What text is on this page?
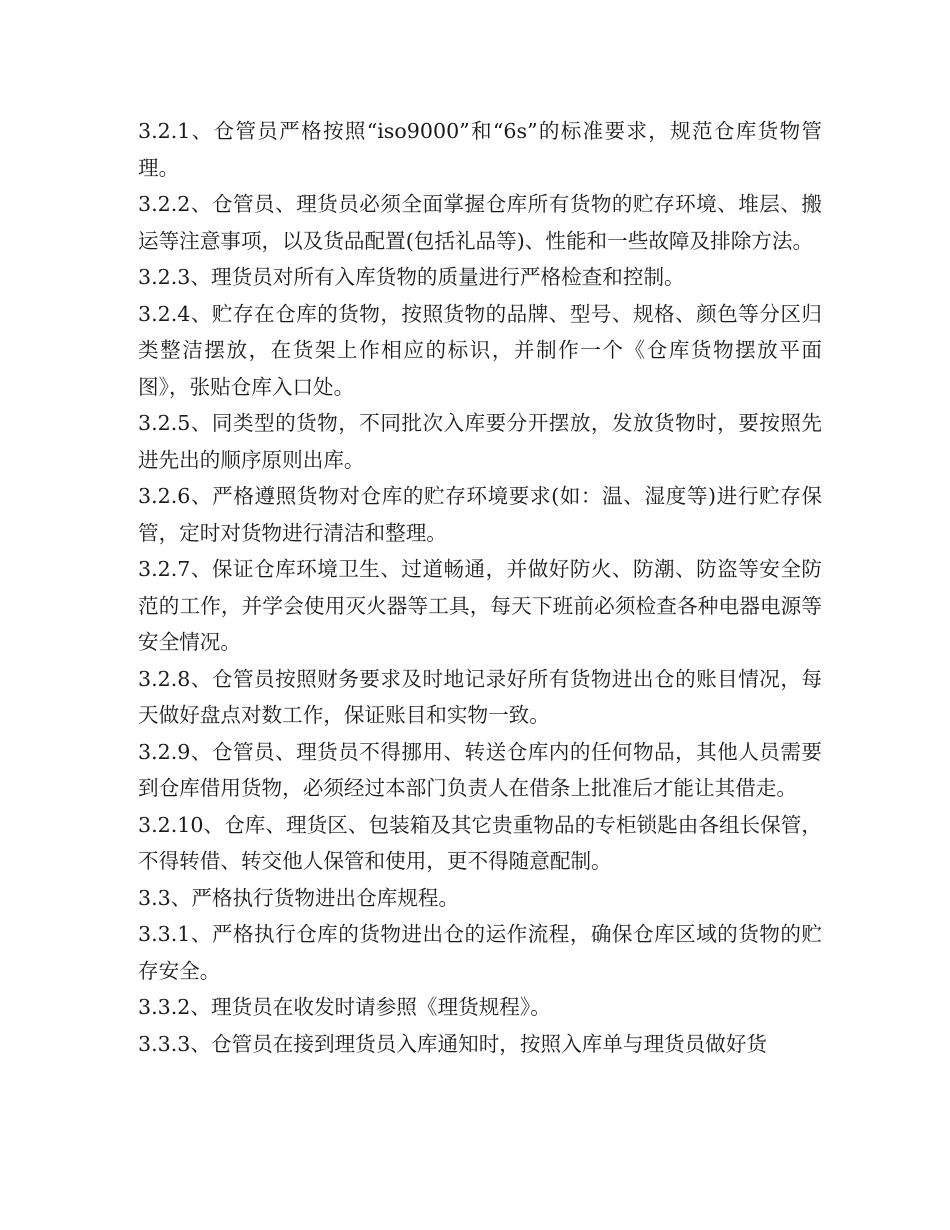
3.2.1、仓管员严格按照“iso9000”和“6s”的标准要求，规范仓库货物管理。

3.2.2、仓管员、理货员必须全面掌握仓库所有货物的贮存环境、堆层、搬运等注意事项，以及货品配置(包括礼品等)、性能和一些故障及排除方法。

3.2.3、理货员对所有入库货物的质量进行严格检查和控制。

3.2.4、贮存在仓库的货物，按照货物的品牌、型号、规格、颜色等分区归类整洁摆放，在货架上作相应的标识，并制作一个《仓库货物摆放平面图》，张贴仓库入口处。

3.2.5、同类型的货物，不同批次入库要分开摆放，发放货物时，要按照先进先出的顺序原则出库。

3.2.6、严格遵照货物对仓库的贮存环境要求(如：温、湿度等)进行贮存保管，定时对货物进行清洁和整理。

3.2.7、保证仓库环境卫生、过道畅通，并做好防火、防潮、防盗等安全防范的工作，并学会使用灭火器等工具，每天下班前必须检查各种电器电源等安全情况。

3.2.8、仓管员按照财务要求及时地记录好所有货物进出仓的账目情况，每天做好盘点对数工作，保证账目和实物一致。

3.2.9、仓管员、理货员不得挪用、转送仓库内的任何物品，其他人员需要到仓库借用货物，必须经过本部门负责人在借条上批准后才能让其借走。

3.2.10、仓库、理货区、包装箱及其它贵重物品的专柜锁匙由各组长保管，不得转借、转交他人保管和使用，更不得随意配制。

3.3、严格执行货物进出仓库规程。

3.3.1、严格执行仓库的货物进出仓的运作流程，确保仓库区域的货物的贮存安全。

3.3.2、理货员在收发时请参照《理货规程》。

3.3.3、仓管员在接到理货员入库通知时，按照入库单与理货员做好货
